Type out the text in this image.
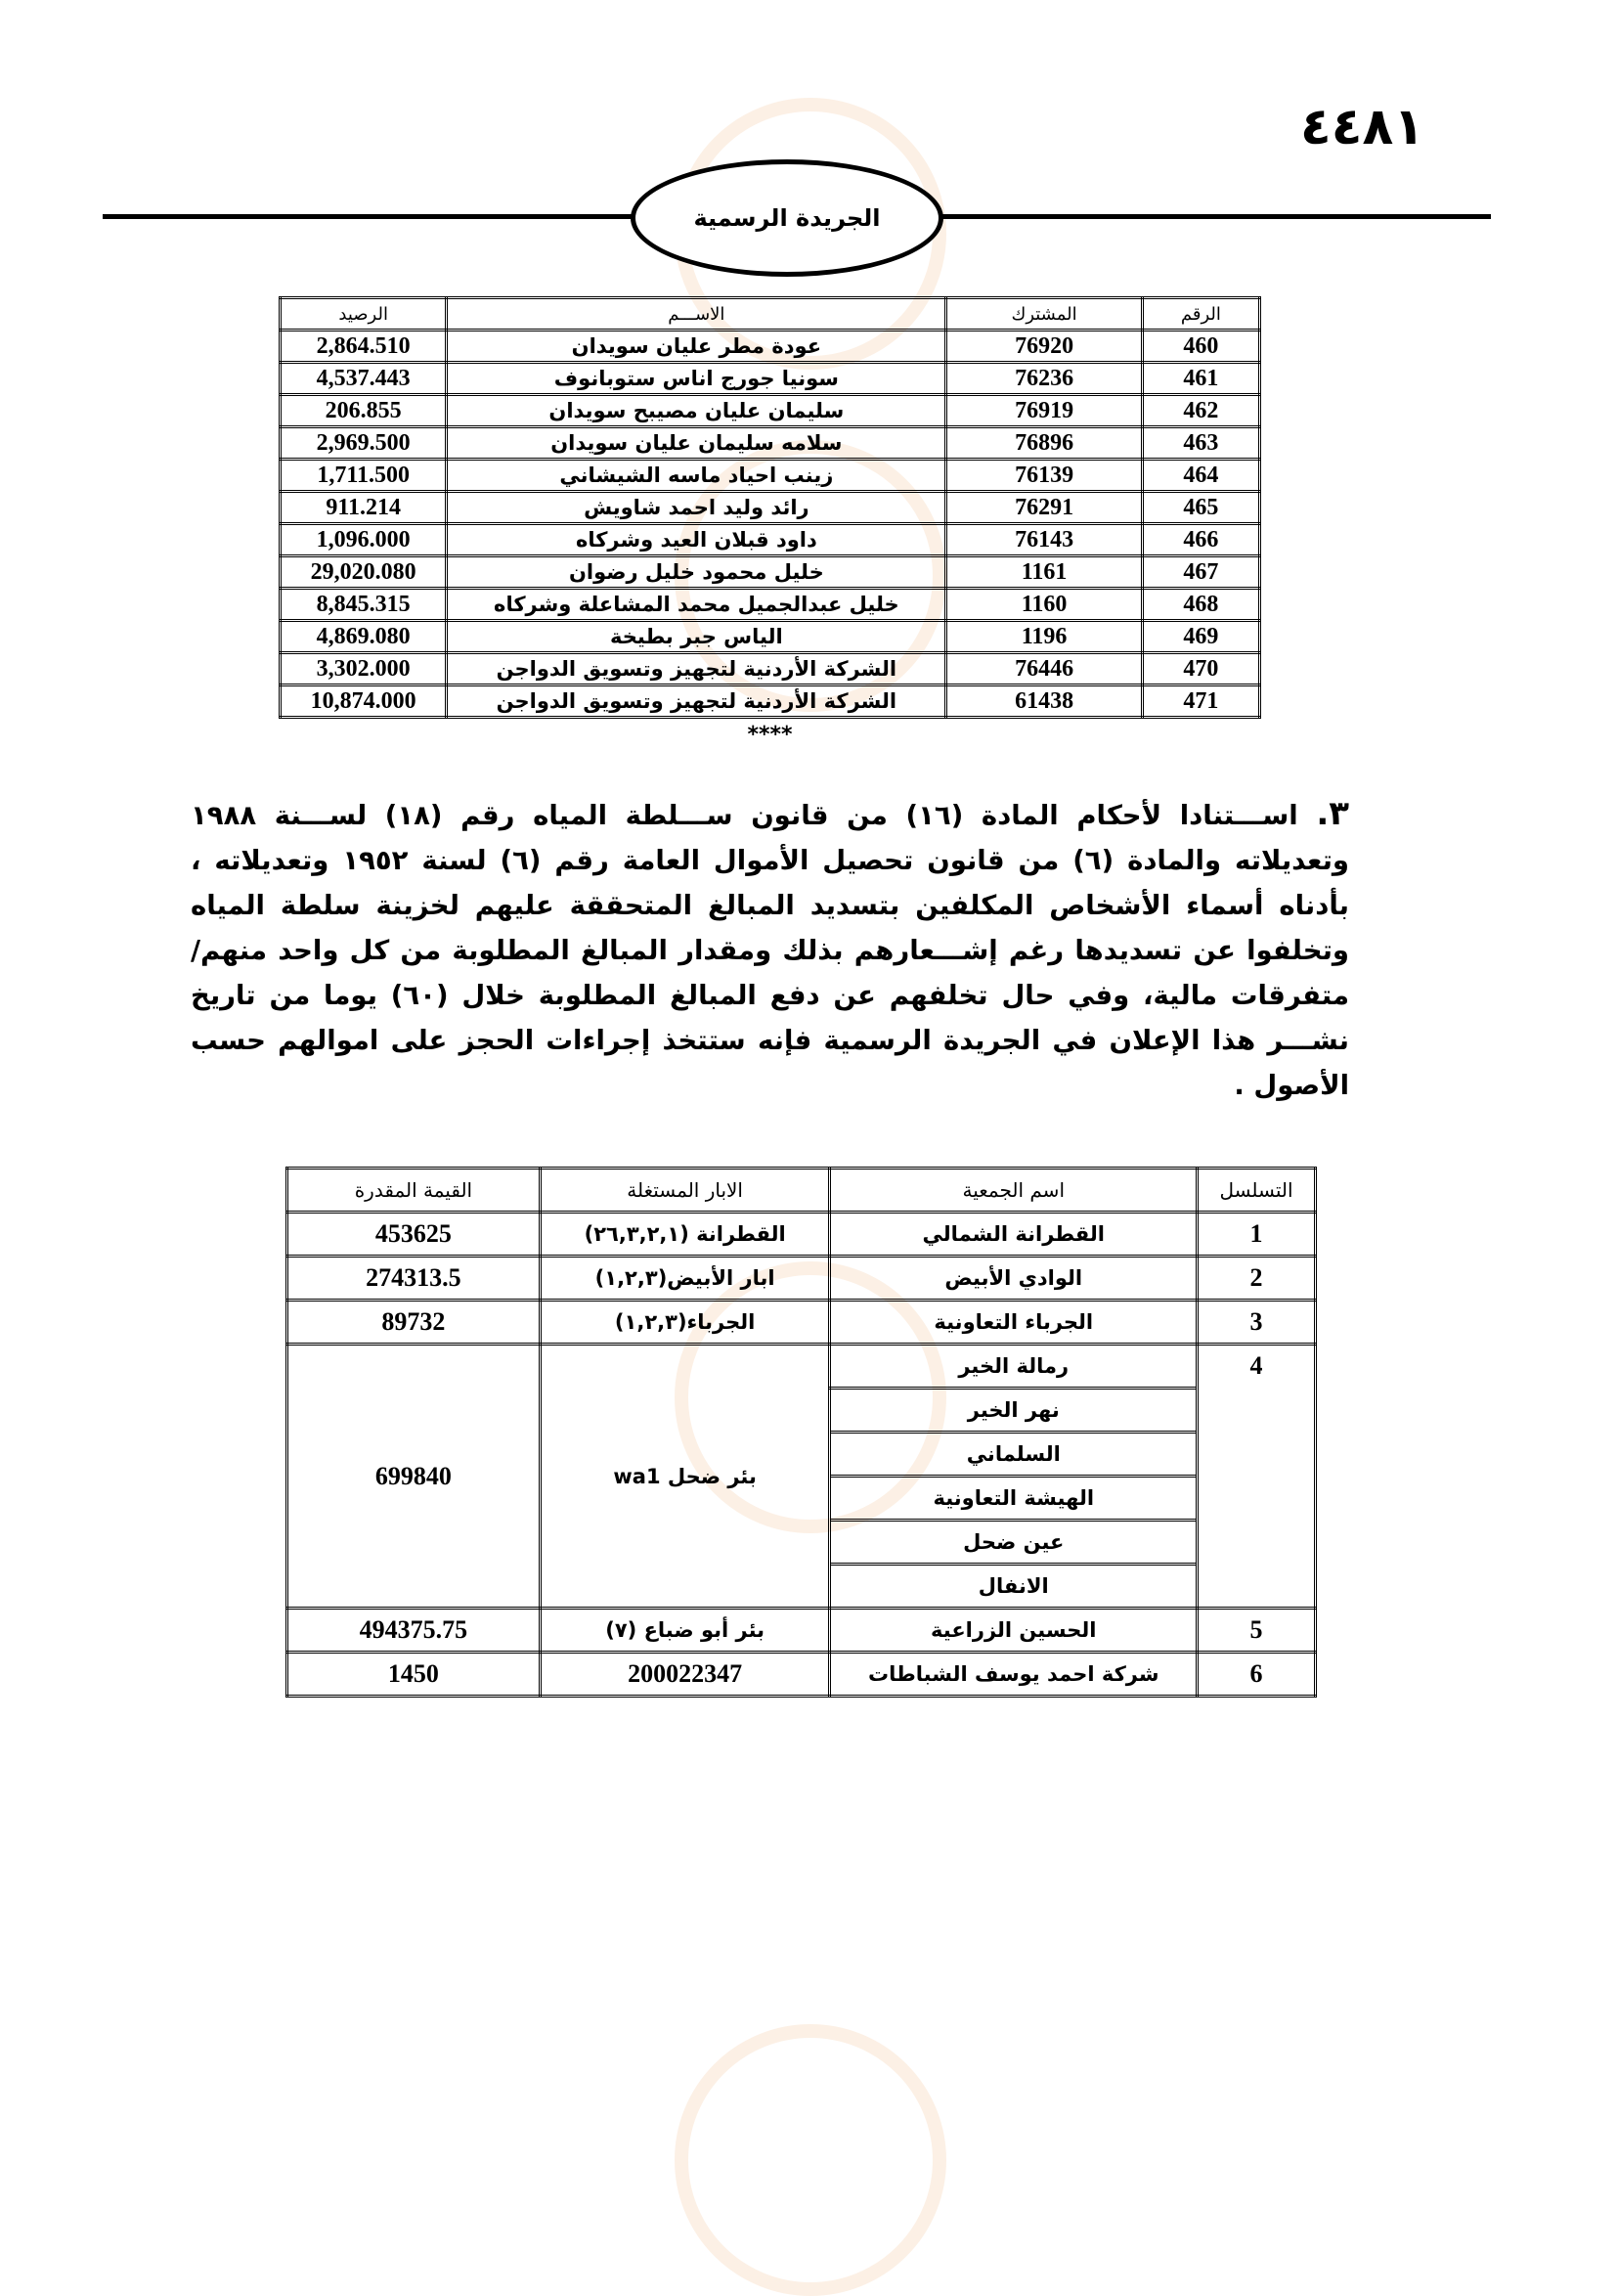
٤٤٨١
الجريدة الرسمية
الرقم	المشترك	الاســـم	الرصيد
460	76920	عودة مطر عليان سويدان	2,864.510
461	76236	سونيا جورج اناس ستوبانوف	4,537.443
462	76919	سليمان عليان مصيبح سويدان	206.855
463	76896	سلامه سليمان عليان سويدان	2,969.500
464	76139	زينب احياد ماسه الشيشاني	1,711.500
465	76291	رائد وليد احمد شاويش	911.214
466	76143	داود قبلان العيد وشركاه	1,096.000
467	1161	خليل محمود خليل رضوان	29,020.080
468	1160	خليل عبدالجميل محمد المشاعلة وشركاه	8,845.315
469	1196	الياس جبر بطيخة	4,869.080
470	76446	الشركة الأردنية لتجهيز وتسويق الدواجن	3,302.000
471	61438	الشركة الأردنية لتجهيز وتسويق الدواجن	10,874.000
****
٣. اســـتنادا لأحكام المادة (١٦) من قانون ســـلطة المياه رقم (١٨) لســـنة ١٩٨٨ وتعديلاته والمادة (٦) من قانون تحصيل الأموال العامة رقم (٦) لسنة ١٩٥٢ وتعديلاته ، بأدناه أسماء الأشخاص المكلفين بتسديد المبالغ المتحققة عليهم لخزينة سلطة المياه وتخلفوا عن تسديدها رغم إشـــعارهم بذلك ومقدار المبالغ المطلوبة من كل واحد منهم/ متفرقات مالية، وفي حال تخلفهم عن دفع المبالغ المطلوبة خلال (٦٠) يوما من تاريخ نشـــر هذا الإعلان في الجريدة الرسمية فإنه ستتخذ إجراءات الحجز على اموالهم حسب الأصول .
التسلسل	اسم الجمعية	الابار المستغلة	القيمة المقدرة
1	القطرانة الشمالي	القطرانة (٢٦,٣,٢,١)	453625
2	الوادي الأبيض	ابار الأبيض(١,٢,٣)	274313.5
3	الجرباء التعاونية	الجرباء(١,٢,٣)	89732
4	رمالة الخير	بئر ضحل wa1	699840
	نهر الخير		
	السلماني		
	الهيشة التعاونية		
	عين ضحل		
	الانفال		
5	الحسين الزراعية	بئر أبو ضباع (٧)	494375.75
6	شركة احمد يوسف الشباطات	200022347	1450
